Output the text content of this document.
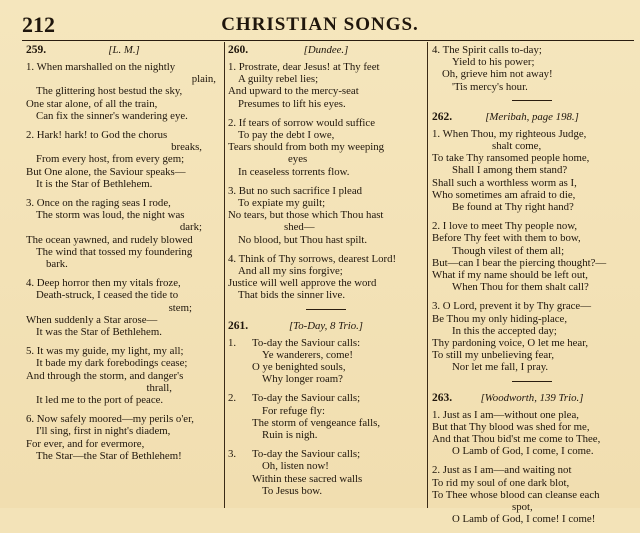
212	CHRISTIAN SONGS.
259.	[L. M.]
1. When marshalled on the nightly
plain,
The glittering host bestud the sky,
One star alone, of all the train,
Can fix the sinner's wandering eye.
2. Hark! hark! to God the chorus
breaks,
From every host, from every gem;
But One alone, the Saviour speaks—
It is the Star of Bethlehem.
3. Once on the raging seas I rode,
The storm was loud, the night was
dark;
The ocean yawned, and rudely blowed
The wind that tossed my foundering
bark.
4. Deep horror then my vitals froze,
Death-struck, I ceased the tide to
stem;
When suddenly a Star arose—
It was the Star of Bethlehem.
5. It was my guide, my light, my all;
It bade my dark forebodings cease;
And through the storm, and danger's
thrall,
It led me to the port of peace.
6. Now safely moored—my perils o'er,
I'll sing, first in night's diadem,
For ever, and for evermore,
The Star—the Star of Bethlehem!
260.	[Dundee.]
1. Prostrate, dear Jesus! at Thy feet
A guilty rebel lies;
And upward to the mercy-seat
Presumes to lift his eyes.
2. If tears of sorrow would suffice
To pay the debt I owe,
Tears should from both my weeping
eyes
In ceaseless torrents flow.
3. But no such sacrifice I plead
To expiate my guilt;
No tears, but those which Thou hast
shed—
No blood, but Thou hast spilt.
4. Think of Thy sorrows, dearest Lord!
And all my sins forgive;
Justice will well approve the word
That bids the sinner live.
261.	[To-Day, 8 Trio.]
1.	To-day the Saviour calls:
Ye wanderers, come!
O ye benighted souls,
Why longer roam?
2.	To-day the Saviour calls;
For refuge fly:
The storm of vengeance falls,
Ruin is nigh.
3.	To-day the Saviour calls;
Oh, listen now!
Within these sacred walls
To Jesus bow.
4. The Spirit calls to-day;
Yield to his power;
Oh, grieve him not away!
'Tis mercy's hour.
262.	[Meribah, page 198.]
1. When Thou, my righteous Judge,
shalt come,
To take Thy ransomed people home,
Shall I among them stand?
Shall such a worthless worm as I,
Who sometimes am afraid to die,
Be found at Thy right hand?
2. I love to meet Thy people now,
Before Thy feet with them to bow,
Though vilest of them all;
But—can I bear the piercing thought?—
What if my name should be left out,
When Thou for them shalt call?
3. O Lord, prevent it by Thy grace—
Be Thou my only hiding-place,
In this the accepted day;
Thy pardoning voice, O let me hear,
To still my unbelieving fear,
Nor let me fall, I pray.
263.	[Woodworth, 139 Trio.]
1. Just as I am—without one plea,
But that Thy blood was shed for me,
And that Thou bid'st me come to Thee,
O Lamb of God, I come, I come.
2. Just as I am—and waiting not
To rid my soul of one dark blot,
To Thee whose blood can cleanse each
spot,
O Lamb of God, I come! I come!
